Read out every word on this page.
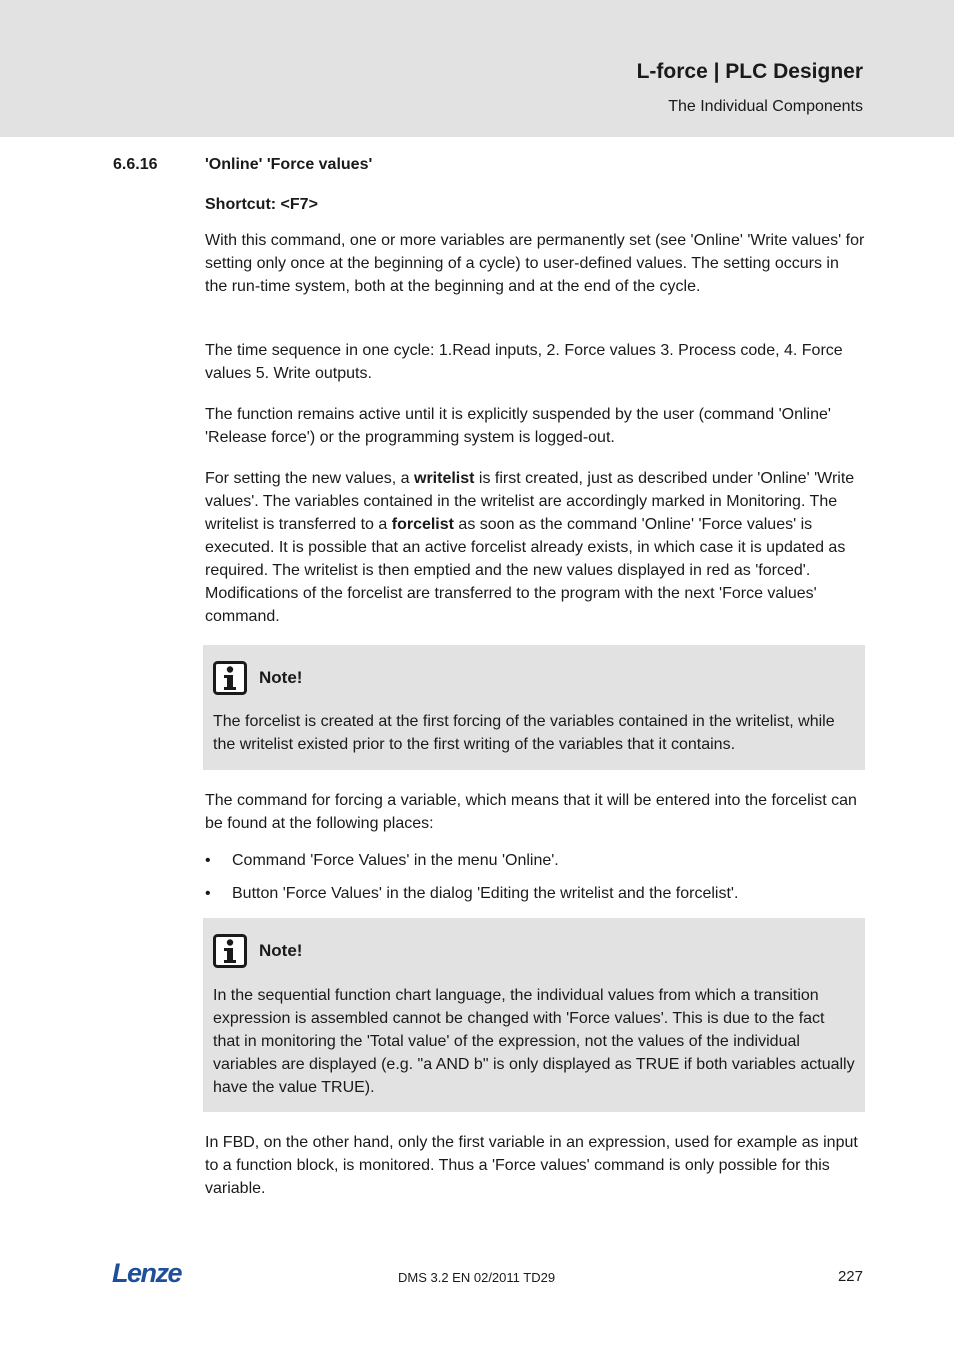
L-force | PLC Designer
The Individual Components
6.6.16	'Online' 'Force values'

Shortcut: <F7>

With this command, one or more variables are permanently set (see 'Online' 'Write values' for setting only once at the beginning of a cycle) to user-defined values. The setting occurs in the run-time system, both at the beginning and at the end of the cycle.

The time sequence in one cycle: 1.Read inputs, 2. Force values 3. Process code, 4. Force values 5. Write outputs.

The function remains active until it is explicitly suspended by the user (command 'Online' 'Release force') or the programming system is logged-out.

For setting the new values, a writelist is first created, just as described under 'Online' 'Write values'. The variables contained in the writelist are accordingly marked in Monitoring. The writelist is transferred to a forcelist as soon as the command 'Online' 'Force values' is executed. It is possible that an active forcelist already exists, in which case it is updated as required. The writelist is then emptied and the new values displayed in red as 'forced'. Modifications of the forcelist are transferred to the program with the next 'Force values' command.

Note!
The forcelist is created at the first forcing of the variables contained in the writelist, while the writelist existed prior to the first writing of the variables that it contains.

The command for forcing a variable, which means that it will be entered into the forcelist can be found at the following places:

• Command 'Force Values' in the menu 'Online'.
• Button 'Force Values' in the dialog 'Editing the writelist and the forcelist'.
Note!
In the sequential function chart language, the individual values from which a transition expression is assembled cannot be changed with 'Force values'. This is due to the fact that in monitoring the 'Total value' of the expression, not the values of the individual variables are displayed (e.g. "a AND b" is only displayed as TRUE if both variables actually have the value TRUE).

In FBD, on the other hand, only the first variable in an expression, used for example as input to a function block, is monitored. Thus a 'Force values' command is only possible for this variable.

Lenze	DMS 3.2 EN 02/2011 TD29	227
